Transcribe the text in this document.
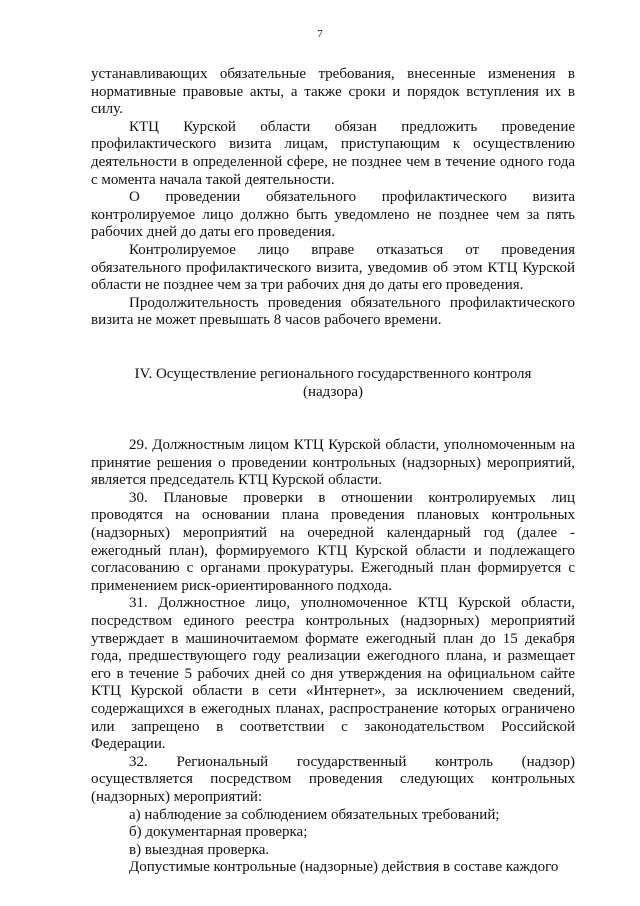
7

устанавливающих обязательные требования, внесенные изменения в нормативные правовые акты, а также сроки и порядок вступления их в силу.

КТЦ Курской области обязан предложить проведение профилактического визита лицам, приступающим к осуществлению деятельности в определенной сфере, не позднее чем в течение одного года с момента начала такой деятельности.

О проведении обязательного профилактического визита контролируемое лицо должно быть уведомлено не позднее чем за пять рабочих дней до даты его проведения.

Контролируемое лицо вправе отказаться от проведения обязательного профилактического визита, уведомив об этом КТЦ Курской области не позднее чем за три рабочих дня до даты его проведения.

Продолжительность проведения обязательного профилактического визита не может превышать 8 часов рабочего времени.

IV. Осуществление регионального государственного контроля (надзора)

29. Должностным лицом КТЦ Курской области, уполномоченным на принятие решения о проведении контрольных (надзорных) мероприятий, является председатель КТЦ Курской области.

30. Плановые проверки в отношении контролируемых лиц проводятся на основании плана проведения плановых контрольных (надзорных) мероприятий на очередной календарный год (далее - ежегодный план), формируемого КТЦ Курской области и подлежащего согласованию с органами прокуратуры. Ежегодный план формируется с применением риск-ориентированного подхода.

31. Должностное лицо, уполномоченное КТЦ Курской области, посредством единого реестра контрольных (надзорных) мероприятий утверждает в машиночитаемом формате ежегодный план до 15 декабря года, предшествующего году реализации ежегодного плана, и размещает его в течение 5 рабочих дней со дня утверждения на официальном сайте КТЦ Курской области в сети «Интернет», за исключением сведений, содержащихся в ежегодных планах, распространение которых ограничено или запрещено в соответствии с законодательством Российской Федерации.

32. Региональный государственный контроль (надзор) осуществляется посредством проведения следующих контрольных (надзорных) мероприятий:

а) наблюдение за соблюдением обязательных требований;

б) документарная проверка;

в) выездная проверка.

Допустимые контрольные (надзорные) действия в составе каждого
